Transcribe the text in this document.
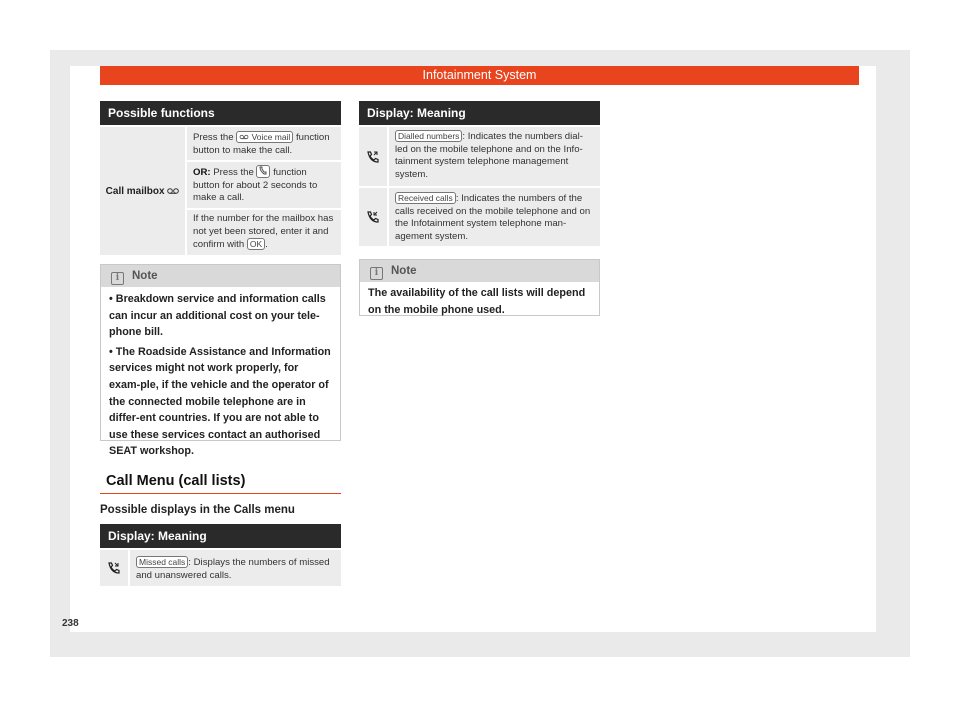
Infotainment System
Possible functions
Call mailbox
Press the Voice mail function button to make the call.
OR: Press the function button for about 2 seconds to make a call.
If the number for the mailbox has not yet been stored, enter it and confirm with OK .
i Note
• Breakdown service and information calls can incur an additional cost on your tele-phone bill.
• The Roadside Assistance and Information services might not work properly, for exam-ple, if the vehicle and the operator of the connected mobile telephone are in differ-ent countries. If you are not able to use these services contact an authorised SEAT workshop.
Call Menu (call lists)
Possible displays in the Calls menu
Display: Meaning
Missed calls : Displays the numbers of missed and unanswered calls.
Display: Meaning
Dialled numbers : Indicates the numbers dial-led on the mobile telephone and on the Info-tainment system telephone management system.
Received calls : Indicates the numbers of the calls received on the mobile telephone and on the Infotainment system telephone man-agement system.
i Note
The availability of the call lists will depend on the mobile phone used.
238
